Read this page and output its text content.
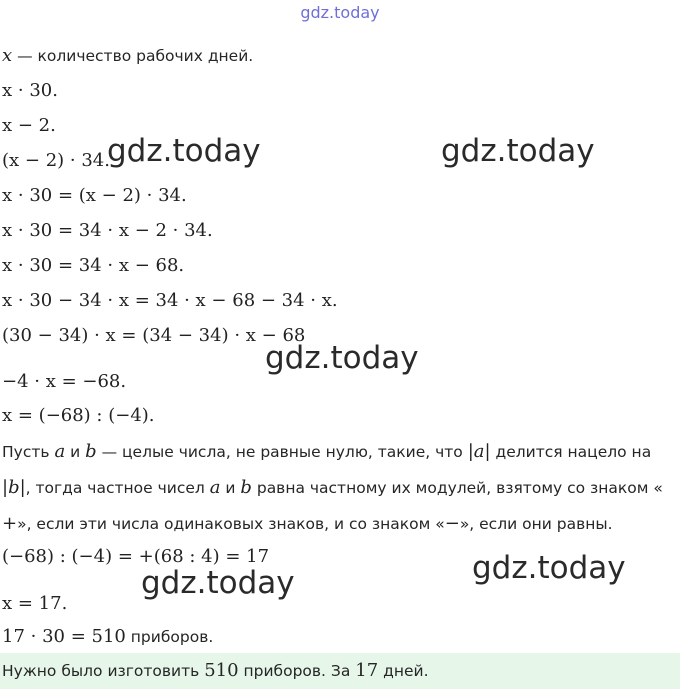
gdz.today
x — количество рабочих дней.
x · 30.
x − 2.
(x − 2) · 34.
x · 30 = (x − 2) · 34.
x · 30 = 34 · x − 2 · 34.
x · 30 = 34 · x − 68.
x · 30 − 34 · x = 34 · x − 68 − 34 · x.
(30 − 34) · x = (34 − 34) · x − 68
−4 · x = −68.
x = (−68) : (−4).
Пусть a и b — целые числа, не равные нулю, такие, что |a| делится нацело на
|b|, тогда частное чисел a и b равна частному их модулей, взятому со знаком «
+», если эти числа одинаковых знаков, и со знаком «−», если они равны.
(−68) : (−4) = +(68 : 4) = 17
x = 17.
17 · 30 = 510 приборов.
Нужно было изготовить 510 приборов. За 17 дней.
gdz.today	gdz.today
gdz.today
gdz.today	gdz.today
